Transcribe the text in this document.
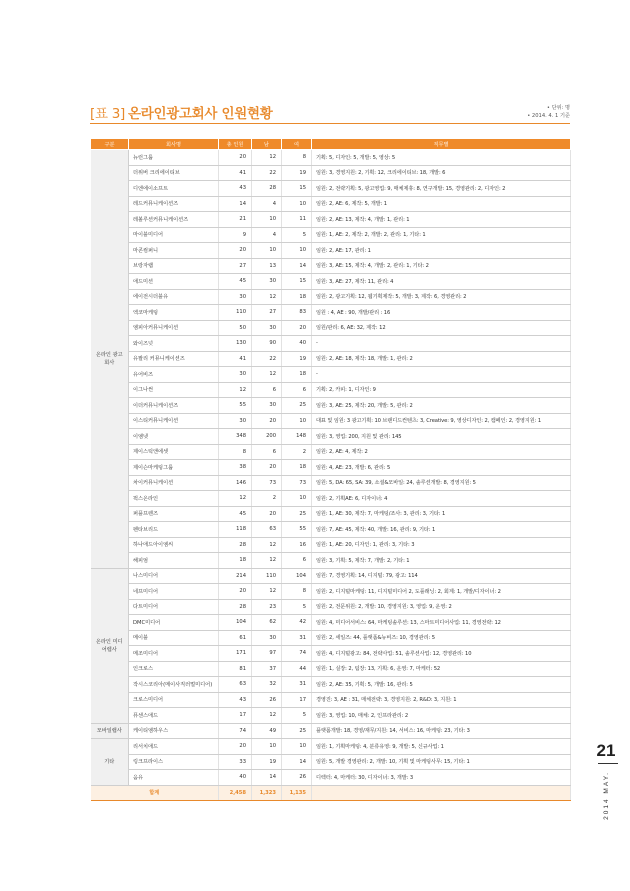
[표 3] 온라인광고회사 인원현황	• 단위: 명
• 2014. 4. 1 기준
구분	회사명	총 인원	남	여	직무별
온라인 광고회사	뉴런그룹	20	12	8	기획: 5, 디자인: 5, 개발: 5, 영상: 5
	더위버 크리에이티브	41	22	19	임원: 3, 경영지원: 2, 기획: 12, 크리에이티브: 18, 개발: 6
	디엔에이소프트	43	28	15	임원: 2, 전략기획: 5, 광고영업: 9, 매체제휴: 8, 연구개발: 15, 경영관리: 2, 디자인: 2
	레드커뮤니케이션즈	14	4	10	임원: 2, AE: 6, 제작: 5, 개발: 1
	레볼루션커뮤니케이션즈	21	10	11	임원: 2, AE: 13, 제작: 4, 개발: 1, 관리: 1
	마이블미디어	9	4	5	임원: 1, AE: 2, 제작: 2, 개발: 2, 관리: 1, 기타: 1
	마콘컴퍼니	20	10	10	임원: 2, AE: 17, 관리: 1
	브랑자랩	27	13	14	임원: 3, AE: 15, 제작: 4, 개발: 2, 관리: 1, 기타: 2
	애드미션	45	30	15	임원: 3, AE: 27, 제작: 11, 관리: 4
	에이전시더블유	30	12	18	임원: 2, 광고기획: 12, 웹기획제작: 5, 개발: 3, 제작: 6, 경영관리: 2
	엑코마케팅	110	27	83	임원 : 4, AE : 90, 개발/관리 : 16
	엠피아커뮤니케이션	50	30	20	임원/관리: 6, AE: 32, 제작: 12
	와이즈넛	130	90	40	-
	유팔리 커뮤니케이션즈	41	22	19	임원: 2, AE: 18, 제작: 18, 개발: 1, 관리: 2
	유어비즈	30	12	18	-
	이그나썬	12	6	6	기획: 2, 카피: 1, 디자인: 9
	이더커뮤니케이션즈	55	30	25	임원: 3, AE: 25, 제작: 20, 개발: 5, 관리: 2
	이스티커뮤니케이션	30	20	10	대표 및 임원: 3 광고기획: 10 브랜디드컨텐츠: 3, Creative: 9, 영상디자인: 2, 캠페인: 2, 경영지원: 1
	이엠넷	348	200	148	임원: 3, 영업: 200, 지원 및 관리: 145
	제이스틱앤에셋	8	6	2	임원: 2, AE: 4, 제작: 2
	제이슨마케팅그룹	38	20	18	임원: 4, AE: 23, 개발: 6, 관리: 5
	차이커뮤니케이션	146	73	73	임원: 5, DA: 65, SA: 39, 소셜&모바일: 24, 솔루션개발: 8, 경영지원: 5
	퍽스온라인	12	2	10	임원: 2, 기획AE: 6, 디자이너: 4
	퍼플프렌즈	45	20	25	임원: 1, AE: 30, 제작: 7, 마케팅/조사: 3, 관리: 3, 기타: 1
	펜타브리드	118	63	55	임원: 7, AE: 45, 제작: 40, 개발: 16, 관리: 9, 기타: 1
	하나애드아이엠씨	28	12	16	임원: 1, AE: 20, 디자인: 1, 관리: 3, 기타: 3
	해피엄	18	12	6	임원: 3, 기획: 5, 제작: 7, 개발: 2, 기타: 1
온라인 미디어렙사	나스미디어	214	110	104	임원: 7, 경영기획: 14, 디지털: 79, 광고: 114
	네프미디어	20	12	8	임원: 2, 디지털마케팅: 11, 디지털미디어 2, 도플래닝: 2, 회계: 1, 개발/디자이너: 2
	다트미디어	28	23	5	임원: 2, 전문위원: 2, 개발: 10, 경영지원: 3, 영업: 9, 운영: 2
	DMC미디어	104	62	42	임원: 4, 미디어서비스: 64, 마케팅솔루션: 13, 스마트미디어사업: 11, 경영전략: 12
	메이블	61	30	31	임원: 2, 세일즈: 44, 플랫폼&뉴비즈: 10, 경영관리: 5
	메조미디어	171	97	74	임원: 4, 디지털광고: 84, 전략사업: 51, 솔루션사업: 12, 경영관리: 10
	인크로스	81	37	44	임원: 1, 실장: 2, 팀장: 13, 기획: 6, 운영: 7, 마케터: 52
	작시스코리아(메이사직러멀미디어)	63	32	31	임원: 2, AE: 35, 기획: 5, 개발: 16, 관리: 5
	크로스미디어	43	26	17	경영진: 3, AE : 31, 매체전략: 3, 경영지원: 2, R&D: 3, 지원: 1
	퓨센스애드	17	12	5	임원: 3, 영업: 10, 매체: 2, 인프라관리: 2
모바일랩사	케이티엠하우스	74	49	25	플랫폼개발: 18, 경영/재무/지원: 14, 서비스: 16, 마케팅: 23, 기타: 3
기타	리서치애드	20	10	10	임원: 1, 기획마케팅: 4, 분류유영: 9, 개발: 5, 신규사업: 1
	링크프라이스	33	19	14	임원: 5, 개발 경영관리: 2, 개발: 10, 기획 및 마케팅사무: 15, 기타: 1
	옴유	40	14	26	디렉터: 4, 마케터: 30, 디자이너: 3, 개발: 3
합계		2,458	1,323	1,135	
21
2014 MAY.
